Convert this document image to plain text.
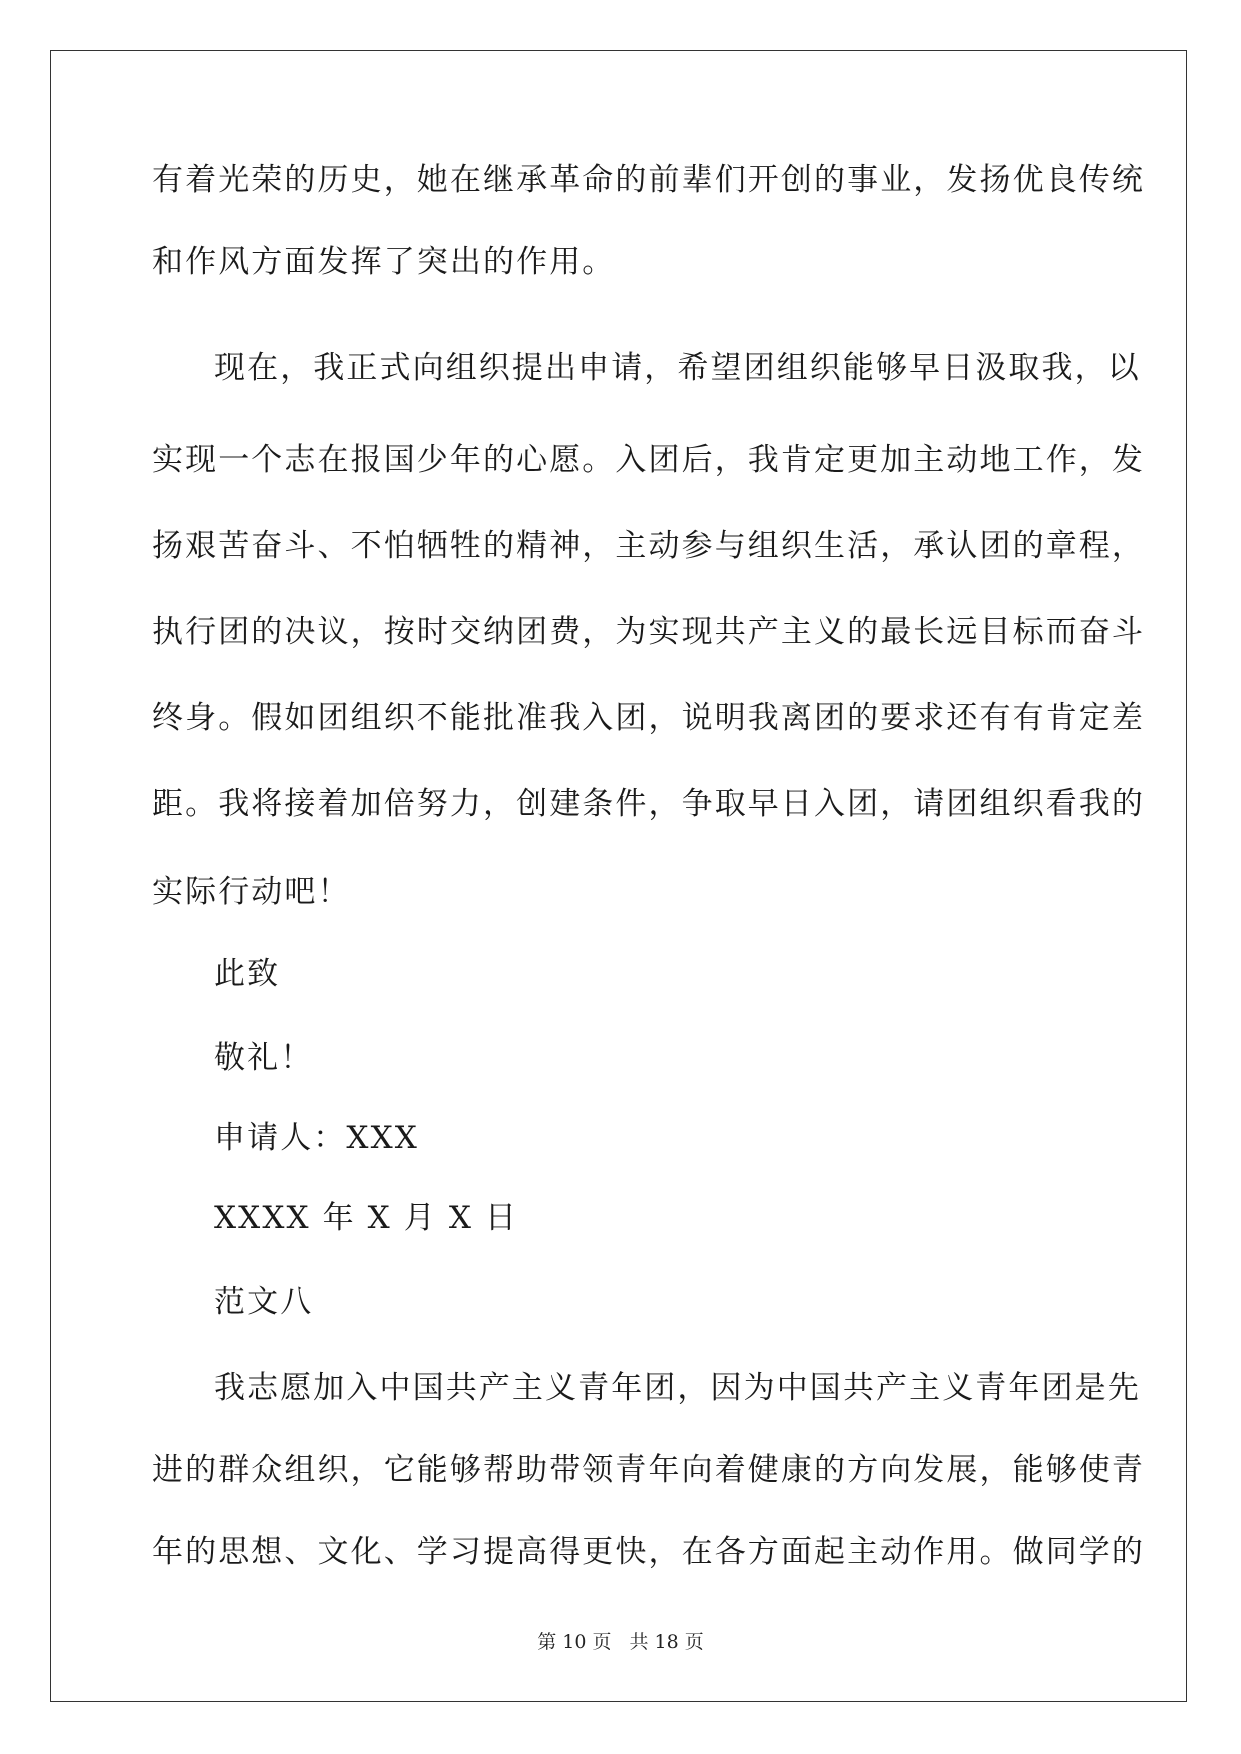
有着光荣的历史，她在继承革命的前辈们开创的事业，发扬优良传统
和作风方面发挥了突出的作用。
现在，我正式向组织提出申请，希望团组织能够早日汲取我，以
实现一个志在报国少年的心愿。入团后，我肯定更加主动地工作，发
扬艰苦奋斗、不怕牺牲的精神，主动参与组织生活，承认团的章程，
执行团的决议，按时交纳团费，为实现共产主义的最长远目标而奋斗
终身。假如团组织不能批准我入团，说明我离团的要求还有有肯定差
距。我将接着加倍努力，创建条件，争取早日入团，请团组织看我的
实际行动吧！
此致
敬礼！
申请人：XXX
XXXX 年 X 月 X 日
范文八
我志愿加入中国共产主义青年团，因为中国共产主义青年团是先
进的群众组织，它能够帮助带领青年向着健康的方向发展，能够使青
年的思想、文化、学习提高得更快，在各方面起主动作用。做同学的
第 10 页 共 18 页
